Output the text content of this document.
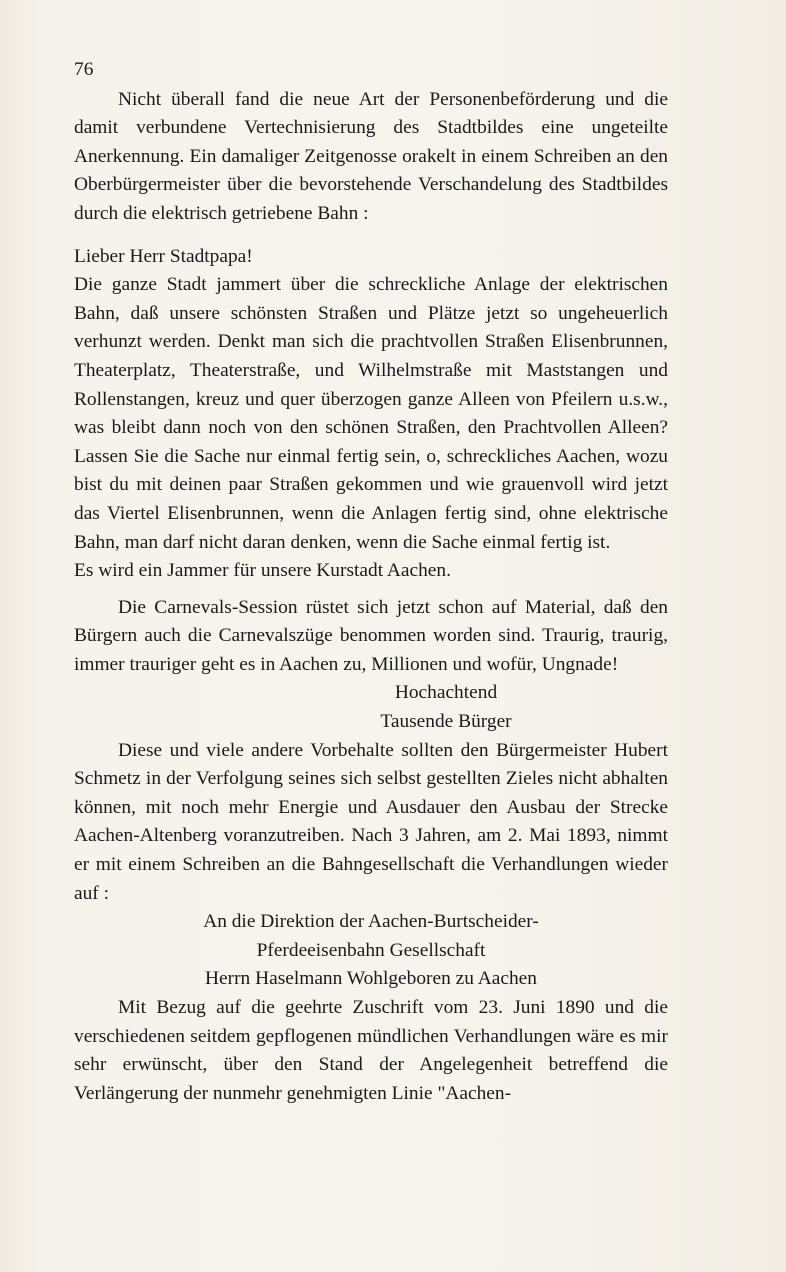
76

Nicht überall fand die neue Art der Personenbeförderung und die damit verbundene Vertechnisierung des Stadtbildes eine ungeteilte Anerkennung. Ein damaliger Zeitgenosse orakelt in einem Schreiben an den Oberbürgermeister über die bevorstehende Verschandelung des Stadtbildes durch die elektrisch getriebene Bahn :

Lieber Herr Stadtpapa!

Die ganze Stadt jammert über die schreckliche Anlage der elektrischen Bahn, daß unsere schönsten Straßen und Plätze jetzt so ungeheuerlich verhunzt werden. Denkt man sich die prachtvollen Straßen Elisenbrunnen, Theaterplatz, Theaterstraße, und Wilhelmstraße mit Maststangen und Rollenstangen, kreuz und quer überzogen ganze Alleen von Pfeilern u.s.w., was bleibt dann noch von den schönen Straßen, den Prachtvollen Alleen? Lassen Sie die Sache nur einmal fertig sein, o, schreckliches Aachen, wozu bist du mit deinen paar Straßen gekommen und wie grauenvoll wird jetzt das Viertel Elisenbrunnen, wenn die Anlagen fertig sind, ohne elektrische Bahn, man darf nicht daran denken, wenn die Sache einmal fertig ist.

Es wird ein Jammer für unsere Kurstadt Aachen.

Die Carnevals-Session rüstet sich jetzt schon auf Material, daß den Bürgern auch die Carnevalszüge benommen worden sind. Traurig, traurig, immer trauriger geht es in Aachen zu, Millionen und wofür, Ungnade!

Hochachtend

Tausende Bürger

Diese und viele andere Vorbehalte sollten den Bürgermeister Hubert Schmetz in der Verfolgung seines sich selbst gestellten Zieles nicht abhalten können, mit noch mehr Energie und Ausdauer den Ausbau der Strecke Aachen-Altenberg voranzutreiben. Nach 3 Jahren, am 2. Mai 1893, nimmt er mit einem Schreiben an die Bahngesellschaft die Verhandlungen wieder auf :

An die Direktion der Aachen-Burtscheider-

Pferdeeisenbahn Gesellschaft

Herrn Haselmann Wohlgeboren zu Aachen

Mit Bezug auf die geehrte Zuschrift vom 23. Juni 1890 und die verschiedenen seitdem gepflogenen mündlichen Verhandlungen wäre es mir sehr erwünscht, über den Stand der Angelegenheit betreffend die Verlängerung der nunmehr genehmigten Linie "Aachen-
